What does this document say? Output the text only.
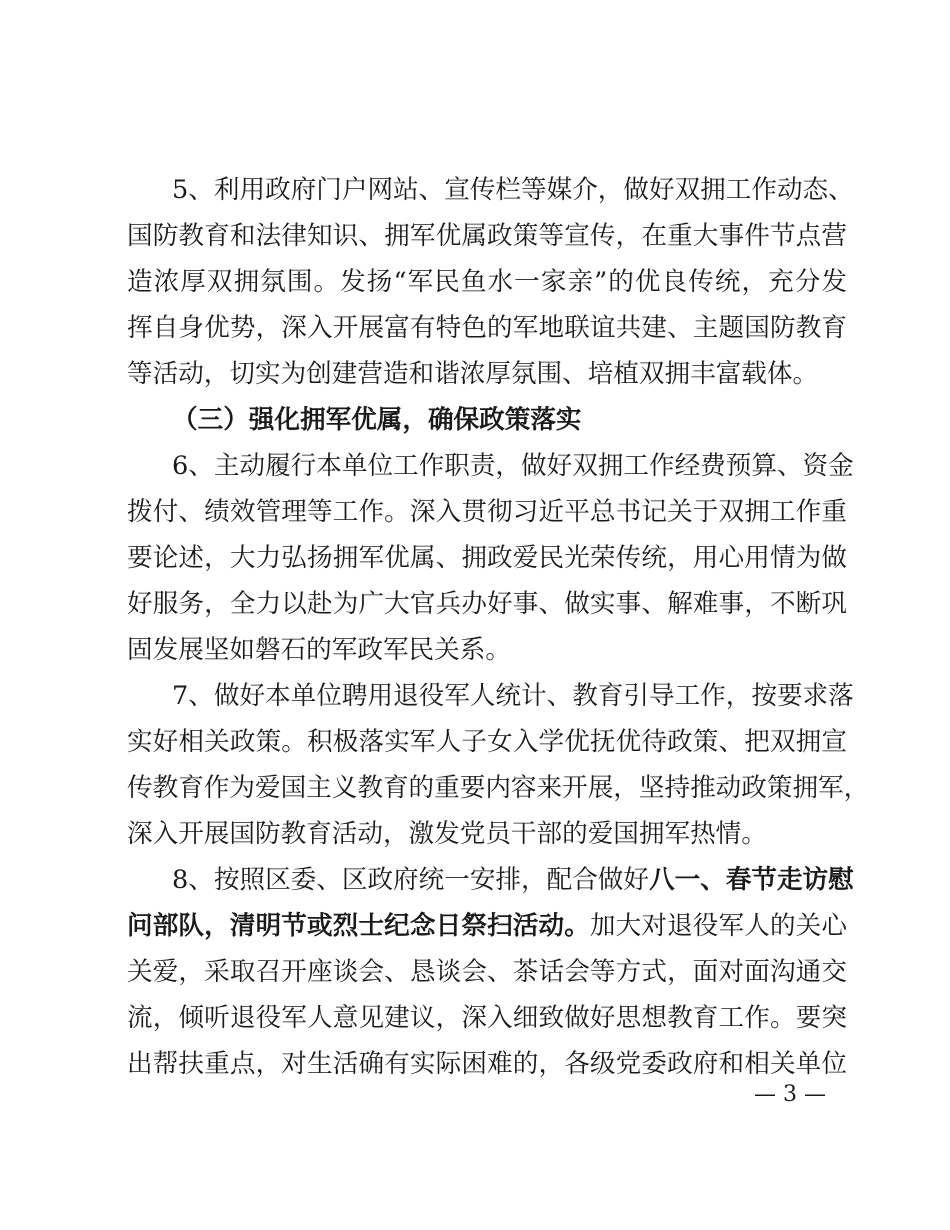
5、利用政府门户网站、宣传栏等媒介，做好双拥工作动态、
国防教育和法律知识、拥军优属政策等宣传，在重大事件节点营
造浓厚双拥氛围。发扬“军民鱼水一家亲”的优良传统，充分发
挥自身优势，深入开展富有特色的军地联谊共建、主题国防教育
等活动，切实为创建营造和谐浓厚氛围、培植双拥丰富载体。
（三）强化拥军优属，确保政策落实
6、主动履行本单位工作职责，做好双拥工作经费预算、资金
拨付、绩效管理等工作。深入贯彻习近平总书记关于双拥工作重
要论述，大力弘扬拥军优属、拥政爱民光荣传统，用心用情为做
好服务，全力以赴为广大官兵办好事、做实事、解难事，不断巩
固发展坚如磐石的军政军民关系。
7、做好本单位聘用退役军人统计、教育引导工作，按要求落
实好相关政策。积极落实军人子女入学优抚优待政策、把双拥宣
传教育作为爱国主义教育的重要内容来开展，坚持推动政策拥军，
深入开展国防教育活动，激发党员干部的爱国拥军热情。
8、按照区委、区政府统一安排，配合做好八一、春节走访慰
问部队，清明节或烈士纪念日祭扫活动。加大对退役军人的关心
关爱，采取召开座谈会、恳谈会、茶话会等方式，面对面沟通交
流，倾听退役军人意见建议，深入细致做好思想教育工作。要突
出帮扶重点，对生活确有实际困难的，各级党委政府和相关单位
— 3 —
